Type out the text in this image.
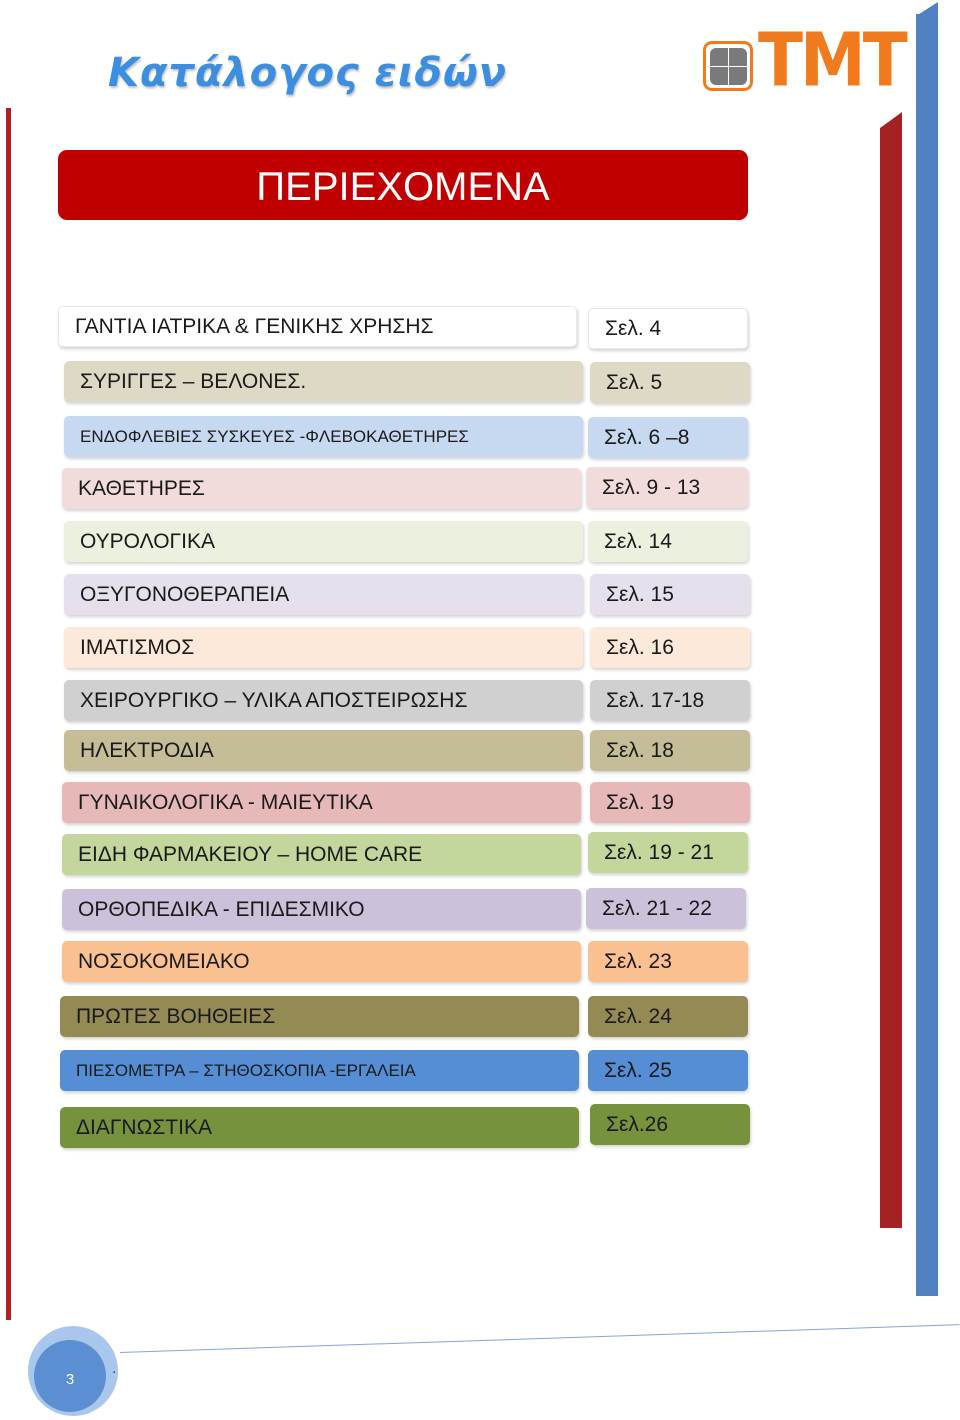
Κατάλογος ειδών	TMT
ΠΕΡΙΕΧΟΜΕΝΑ
ΓΑΝΤΙΑ ΙΑΤΡΙΚΑ & ΓΕΝΙΚΗΣ ΧΡΗΣΗΣ	Σελ. 4
ΣΥΡΙΓΓΕΣ – ΒΕΛΟΝΕΣ.	Σελ. 5
ΕΝΔΟΦΛΕΒΙΕΣ ΣΥΣΚΕΥΕΣ -ΦΛΕΒΟΚΑΘΕΤΗΡΕΣ	Σελ. 6 –8
ΚΑΘΕΤΗΡΕΣ	Σελ. 9 - 13
ΟΥΡΟΛΟΓΙΚΑ	Σελ. 14
ΟΞΥΓΟΝΟΘΕΡΑΠΕΙΑ	Σελ. 15
ΙΜΑΤΙΣΜΟΣ	Σελ. 16
ΧΕΙΡΟΥΡΓΙΚΟ – ΥΛΙΚΑ ΑΠΟΣΤΕΙΡΩΣΗΣ	Σελ. 17-18
ΗΛΕΚΤΡΟΔΙΑ	Σελ. 18
ΓΥΝΑΙΚΟΛΟΓΙΚΑ - ΜΑΙΕΥΤΙΚΑ	Σελ. 19
ΕΙΔΗ ΦΑΡΜΑΚΕΙΟΥ – HOME CARE	Σελ. 19 - 21
ΟΡΘΟΠΕΔΙΚΑ - ΕΠΙΔΕΣΜΙΚΟ	Σελ. 21 - 22
ΝΟΣΟΚΟΜΕΙΑΚΟ	Σελ. 23
ΠΡΩΤΕΣ ΒΟΗΘΕΙΕΣ	Σελ. 24
ΠΙΕΣΟΜΕΤΡΑ – ΣΤΗΘΟΣΚΟΠΙΑ -ΕΡΓΑΛΕΙΑ	Σελ. 25
ΔΙΑΓΝΩΣΤΙΚΑ	Σελ.26
3
.
